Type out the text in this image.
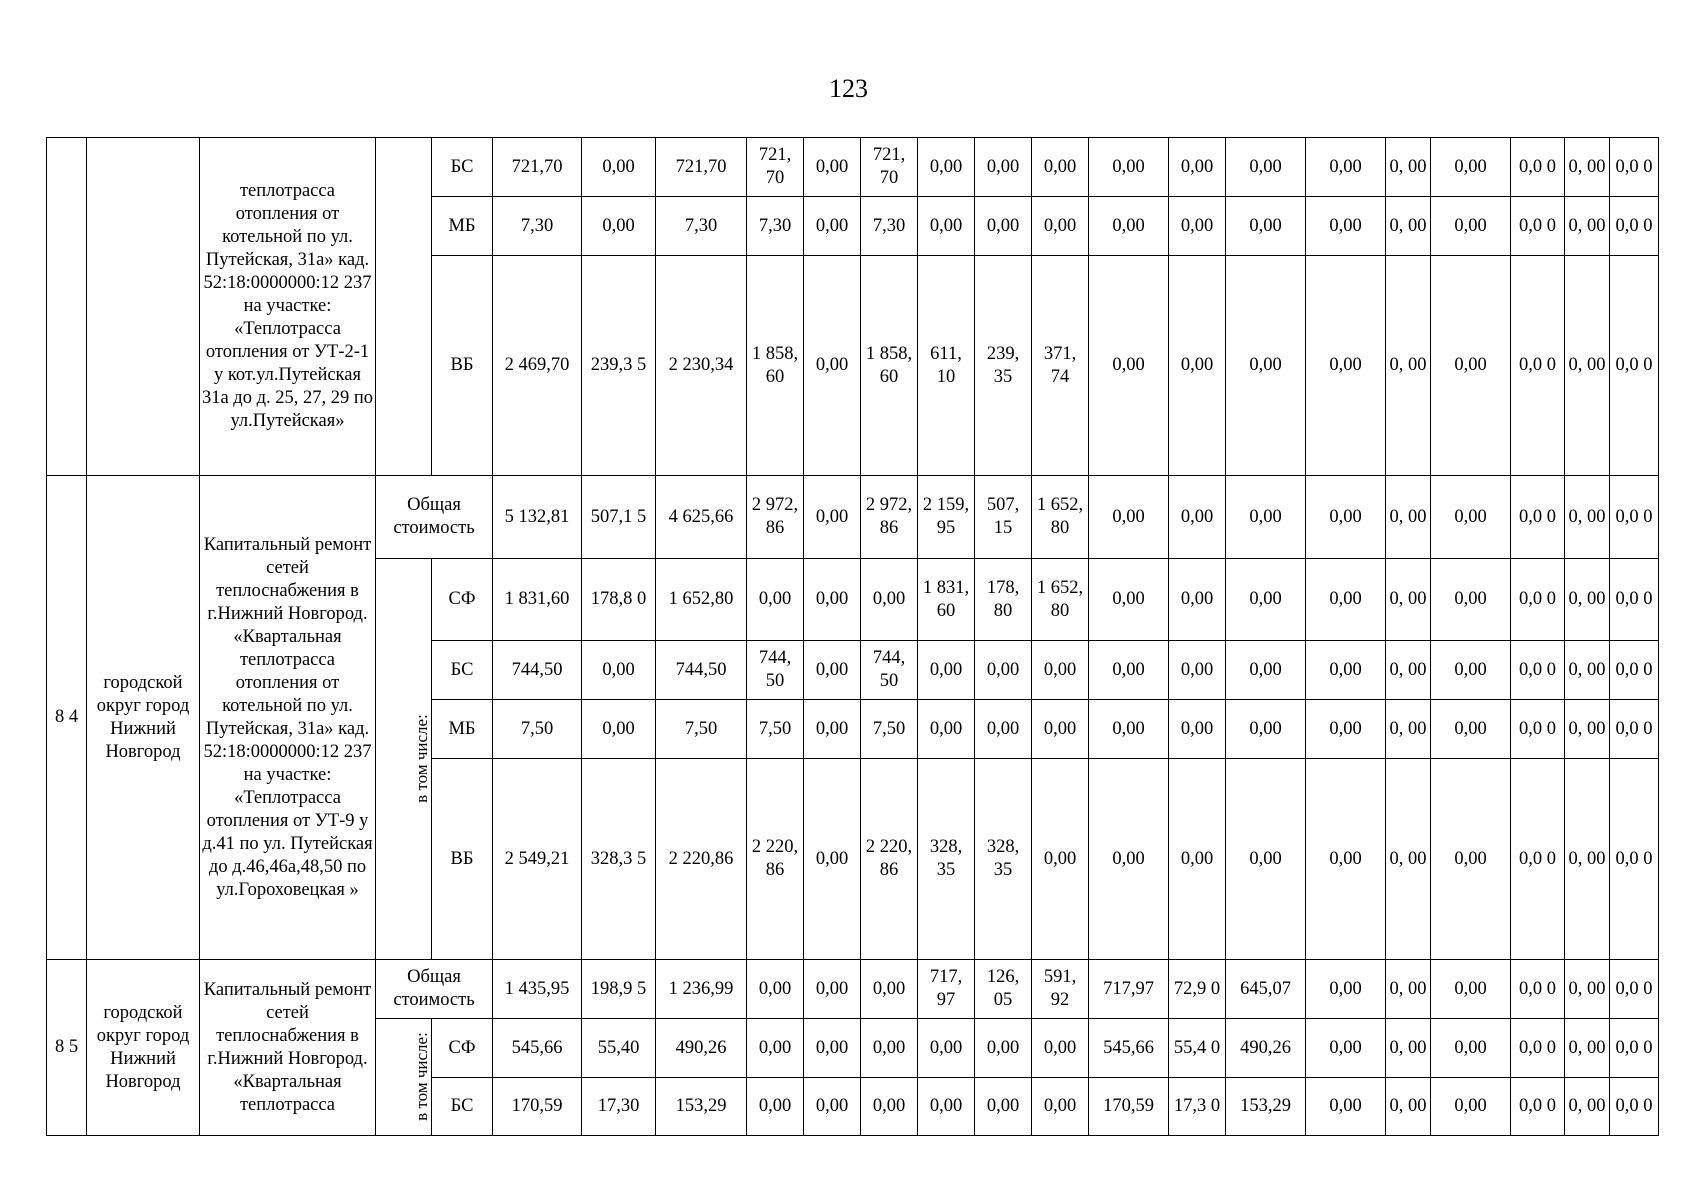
123
		теплотрасса отопления от котельной по ул. Путейская, 31а» кад. 52:18:0000000:12 237 на участке: «Теплотрасса отопления от УТ-2-1 у кот.ул.Путейская 31а до д. 25, 27, 29 по ул.Путейская»		БС	721,70	0,00	721,70	721, 70	0,00	721, 70	0,00	0,00	0,00	0,00	0,00	0,00	0,00	0, 00	0,00	0,0 0	0, 00	0,0 0
				МБ	7,30	0,00	7,30	7,30	0,00	7,30	0,00	0,00	0,00	0,00	0,00	0,00	0,00	0, 00	0,00	0,0 0	0, 00	0,0 0
				ВБ	2 469,70	239,3 5	2 230,34	1 858, 60	0,00	1 858, 60	611, 10	239, 35	371, 74	0,00	0,00	0,00	0,00	0, 00	0,00	0,0 0	0, 00	0,0 0
8 4	городской округ город Нижний Новгород	Капитальный ремонт сетей теплоснабжения в г.Нижний Новгород. «Квартальная теплотрасса отопления от котельной по ул. Путейская, 31а» кад. 52:18:0000000:12 237 на участке: «Теплотрасса отопления от УТ-9 у д.41 по ул. Путейская до д.46,46а,48,50 по ул.Гороховецкая »	Общая стоимость		5 132,81	507,1 5	4 625,66	2 972, 86	0,00	2 972, 86	2 159, 95	507, 15	1 652, 80	0,00	0,00	0,00	0,00	0, 00	0,00	0,0 0	0, 00	0,0 0
			в том числе:	СФ	1 831,60	178,8 0	1 652,80	0,00	0,00	0,00	1 831, 60	178, 80	1 652, 80	0,00	0,00	0,00	0,00	0, 00	0,00	0,0 0	0, 00	0,0 0
				БС	744,50	0,00	744,50	744, 50	0,00	744, 50	0,00	0,00	0,00	0,00	0,00	0,00	0,00	0, 00	0,00	0,0 0	0, 00	0,0 0
				МБ	7,50	0,00	7,50	7,50	0,00	7,50	0,00	0,00	0,00	0,00	0,00	0,00	0,00	0, 00	0,00	0,0 0	0, 00	0,0 0
				ВБ	2 549,21	328,3 5	2 220,86	2 220, 86	0,00	2 220, 86	328, 35	328, 35	0,00	0,00	0,00	0,00	0,00	0, 00	0,00	0,0 0	0, 00	0,0 0
8 5	городской округ город Нижний Новгород	Капитальный ремонт сетей теплоснабжения в г.Нижний Новгород. «Квартальная теплотрасса	Общая стоимость		1 435,95	198,9 5	1 236,99	0,00	0,00	0,00	717, 97	126, 05	591, 92	717,97	72,9 0	645,07	0,00	0, 00	0,00	0,0 0	0, 00	0,0 0
			в том числе:	СФ	545,66	55,40	490,26	0,00	0,00	0,00	0,00	0,00	0,00	545,66	55,4 0	490,26	0,00	0, 00	0,00	0,0 0	0, 00	0,0 0
				БС	170,59	17,30	153,29	0,00	0,00	0,00	0,00	0,00	0,00	170,59	17,3 0	153,29	0,00	0, 00	0,00	0,0 0	0, 00	0,0 0
